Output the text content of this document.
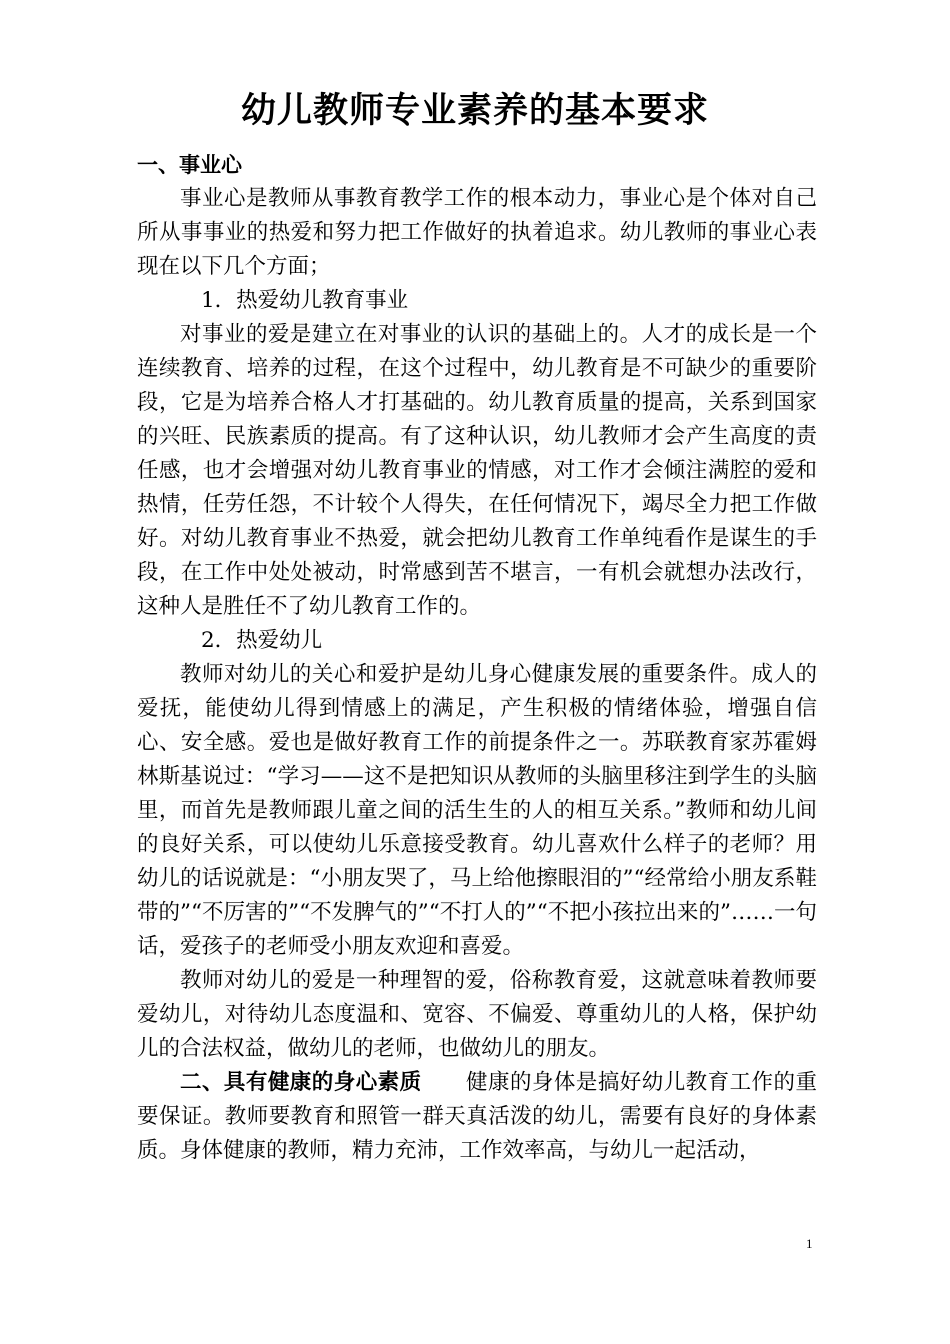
幼儿教师专业素养的基本要求

一、事业心

事业心是教师从事教育教学工作的根本动力，事业心是个体对自己所从事事业的热爱和努力把工作做好的执着追求。幼儿教师的事业心表现在以下几个方面；

1．热爱幼儿教育事业

对事业的爱是建立在对事业的认识的基础上的。人才的成长是一个连续教育、培养的过程，在这个过程中，幼儿教育是不可缺少的重要阶段，它是为培养合格人才打基础的。幼儿教育质量的提高，关系到国家的兴旺、民族素质的提高。有了这种认识，幼儿教师才会产生高度的责任感，也才会增强对幼儿教育事业的情感，对工作才会倾注满腔的爱和热情，任劳任怨，不计较个人得失，在任何情况下，竭尽全力把工作做好。对幼儿教育事业不热爱，就会把幼儿教育工作单纯看作是谋生的手段，在工作中处处被动，时常感到苦不堪言，一有机会就想办法改行，这种人是胜任不了幼儿教育工作的。

2．热爱幼儿

教师对幼儿的关心和爱护是幼儿身心健康发展的重要条件。成人的爱抚，能使幼儿得到情感上的满足，产生积极的情绪体验，增强自信心、安全感。爱也是做好教育工作的前提条件之一。苏联教育家苏霍姆林斯基说过：“学习——这不是把知识从教师的头脑里移注到学生的头脑里，而首先是教师跟儿童之间的活生生的人的相互关系。”教师和幼儿间的良好关系，可以使幼儿乐意接受教育。幼儿喜欢什么样子的老师？用幼儿的话说就是：“小朋友哭了，马上给他擦眼泪的”“经常给小朋友系鞋带的”“不厉害的”“不发脾气的”“不打人的”“不把小孩拉出来的”……一句话，爱孩子的老师受小朋友欢迎和喜爱。

教师对幼儿的爱是一种理智的爱，俗称教育爱，这就意味着教师要爱幼儿，对待幼儿态度温和、宽容、不偏爱、尊重幼儿的人格，保护幼儿的合法权益，做幼儿的老师，也做幼儿的朋友。

二、具有健康的身心素质 健康的身体是搞好幼儿教育工作的重要保证。教师要教育和照管一群天真活泼的幼儿，需要有良好的身体素质。身体健康的教师，精力充沛，工作效率高，与幼儿一起活动，

1
